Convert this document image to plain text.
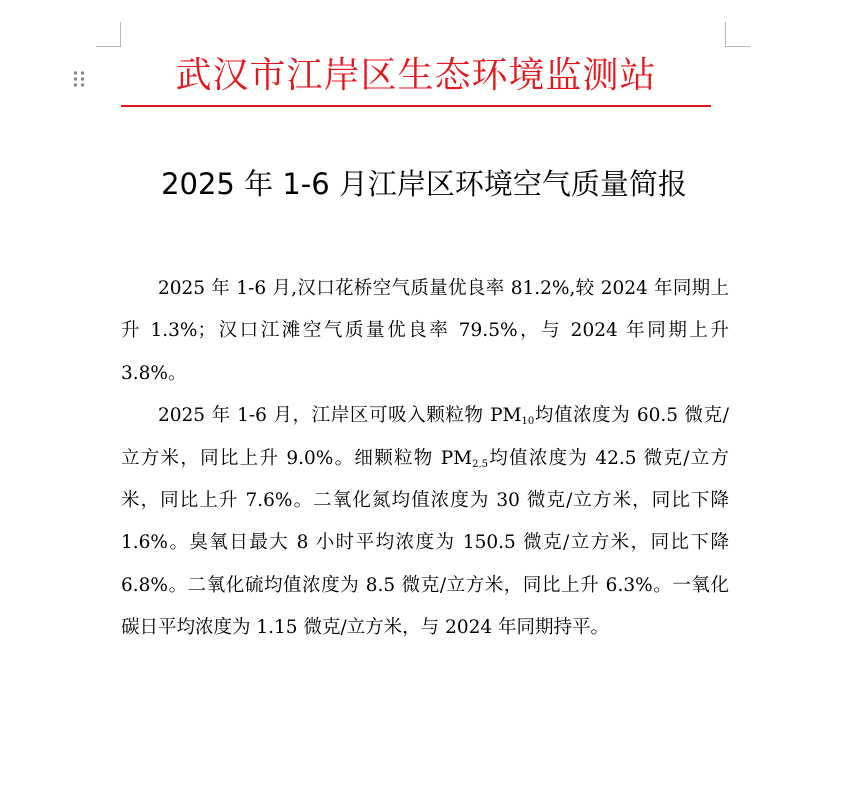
武汉市江岸区生态环境监测站
2025 年 1-6 月江岸区环境空气质量简报

2025 年 1-6 月,汉口花桥空气质量优良率 81.2%,较 2024 年同期上升 1.3%；汉口江滩空气质量优良率 79.5%，与 2024 年同期上升 3.8%。

2025 年 1-6 月，江岸区可吸入颗粒物 $PM_{10}$均值浓度为 60.5 微克/立方米，同比上升 9.0%。细颗粒物 $PM_{2.5}$均值浓度为 42.5 微克/立方米，同比上升 7.6%。二氧化氮均值浓度为 30 微克/立方米，同比下降 1.6%。臭氧日最大 8 小时平均浓度为 150.5 微克/立方米，同比下降 6.8%。二氧化硫均值浓度为 8.5 微克/立方米，同比上升 6.3%。一氧化碳日平均浓度为 1.15 微克/立方米，与 2024 年同期持平。
